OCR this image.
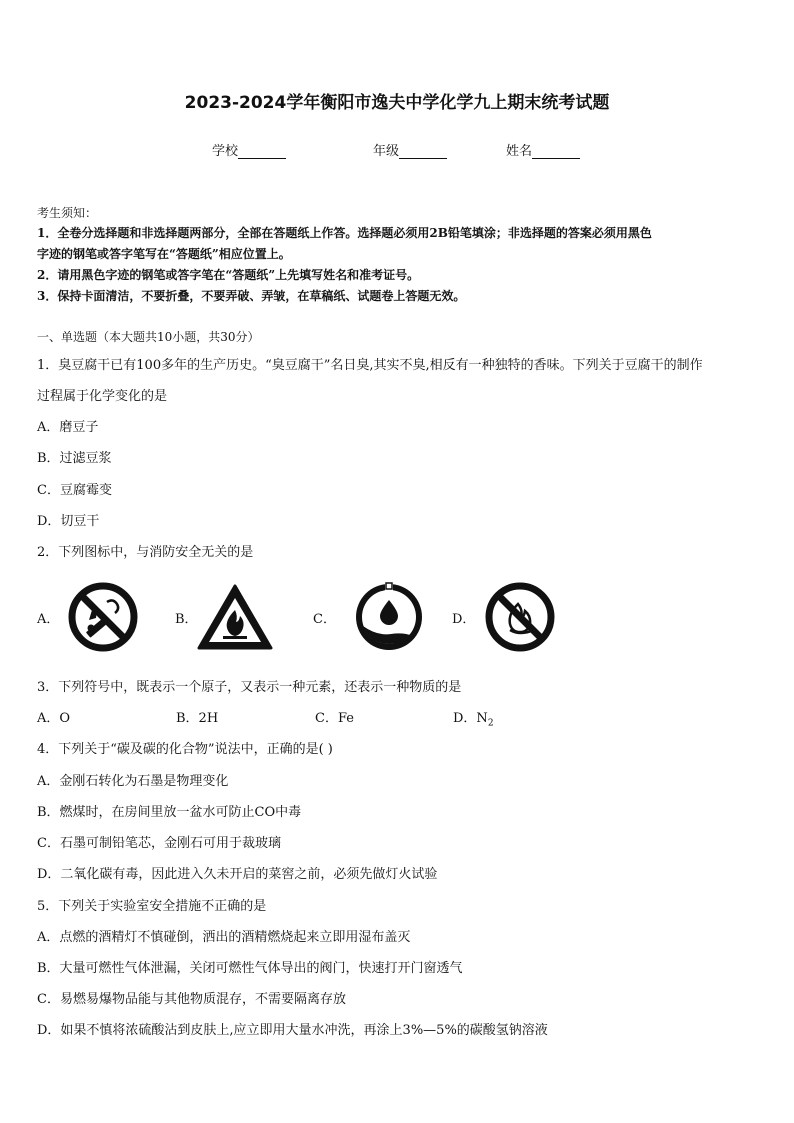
2023-2024学年衡阳市逸夫中学化学九上期末统考试题
学校	年级	姓名
考生须知：
1．全卷分选择题和非选择题两部分，全部在答题纸上作答。选择题必须用2B铅笔填涂；非选择题的答案必须用黑色
字迹的钢笔或答字笔写在“答题纸”相应位置上。
2．请用黑色字迹的钢笔或答字笔在“答题纸”上先填写姓名和准考证号。
3．保持卡面清洁，不要折叠，不要弄破、弄皱，在草稿纸、试题卷上答题无效。
一、单选题（本大题共10小题，共30分）
1．臭豆腐干已有100多年的生产历史。“臭豆腐干”名日臭,其实不臭,相反有一种独特的香味。下列关于豆腐干的制作
过程属于化学变化的是
A．磨豆子
B．过滤豆浆
C．豆腐霉变
D．切豆干
2．下列图标中，与消防安全无关的是
A．	B．	C．	D．
3．下列符号中，既表示一个原子，又表示一种元素，还表示一种物质的是
A．O	B．2H	C．Fe	D．$N_2$
4．下列关于“碳及碳的化合物”说法中，正确的是( )
A．金刚石转化为石墨是物理变化
B．燃煤时，在房间里放一盆水可防止CO中毒
C．石墨可制铅笔芯，金刚石可用于裁玻璃
D．二氧化碳有毒，因此进入久未开启的菜窖之前，必须先做灯火试验
5．下列关于实验室安全措施不正确的是
A．点燃的酒精灯不慎碰倒，洒出的酒精燃烧起来立即用湿布盖灭
B．大量可燃性气体泄漏，关闭可燃性气体导出的阀门，快速打开门窗透气
C．易燃易爆物品能与其他物质混存，不需要隔离存放
D．如果不慎将浓硫酸沾到皮肤上,应立即用大量水冲洗，再涂上3%—5%的碳酸氢钠溶液
